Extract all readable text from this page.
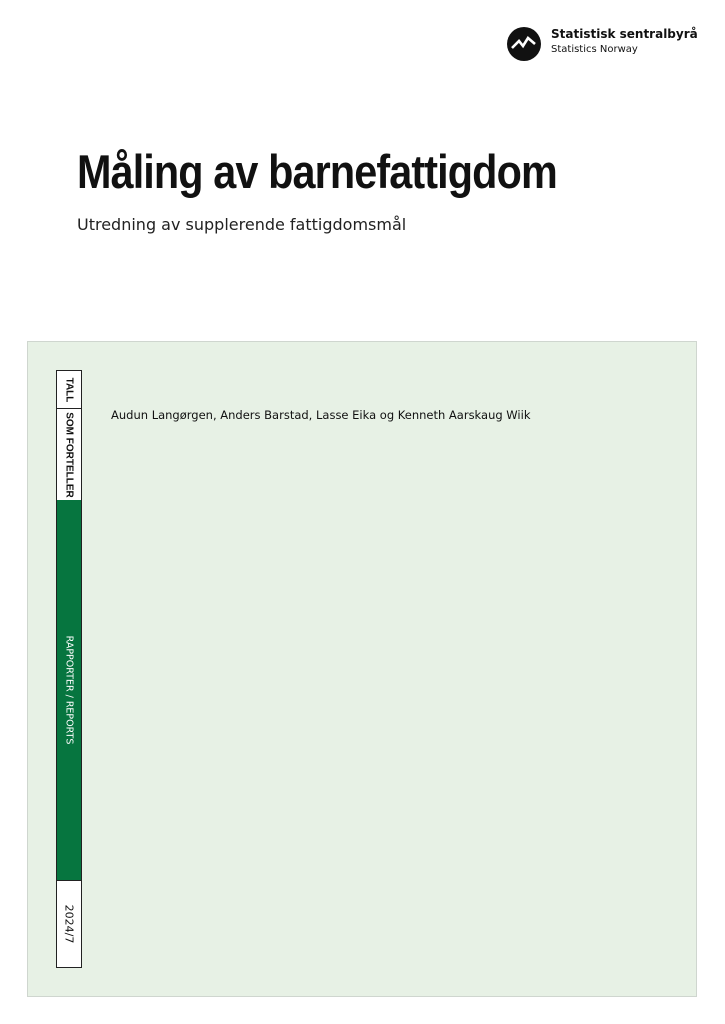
Statistisk sentralbyrå
Statistics Norway
Måling av barnefattigdom

Utredning av supplerende fattigdomsmål

TALL
SOM FORTELLER
RAPPORTER / REPORTS
2024/7
Audun Langørgen, Anders Barstad, Lasse Eika og Kenneth Aarskaug Wiik
